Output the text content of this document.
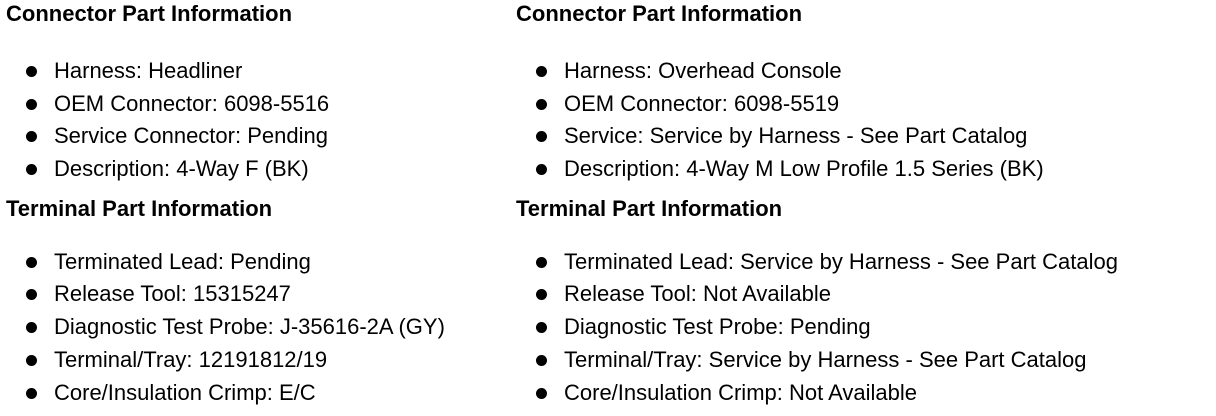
Connector Part Information
Harness: Headliner
OEM Connector: 6098-5516
Service Connector: Pending
Description: 4-Way F (BK)
Terminal Part Information
Terminated Lead: Pending
Release Tool: 15315247
Diagnostic Test Probe: J-35616-2A (GY)
Terminal/Tray: 12191812/19
Core/Insulation Crimp: E/C
Connector Part Information
Harness: Overhead Console
OEM Connector: 6098-5519
Service: Service by Harness - See Part Catalog
Description: 4-Way M Low Profile 1.5 Series (BK)
Terminal Part Information
Terminated Lead: Service by Harness - See Part Catalog
Release Tool: Not Available
Diagnostic Test Probe: Pending
Terminal/Tray: Service by Harness - See Part Catalog
Core/Insulation Crimp: Not Available
